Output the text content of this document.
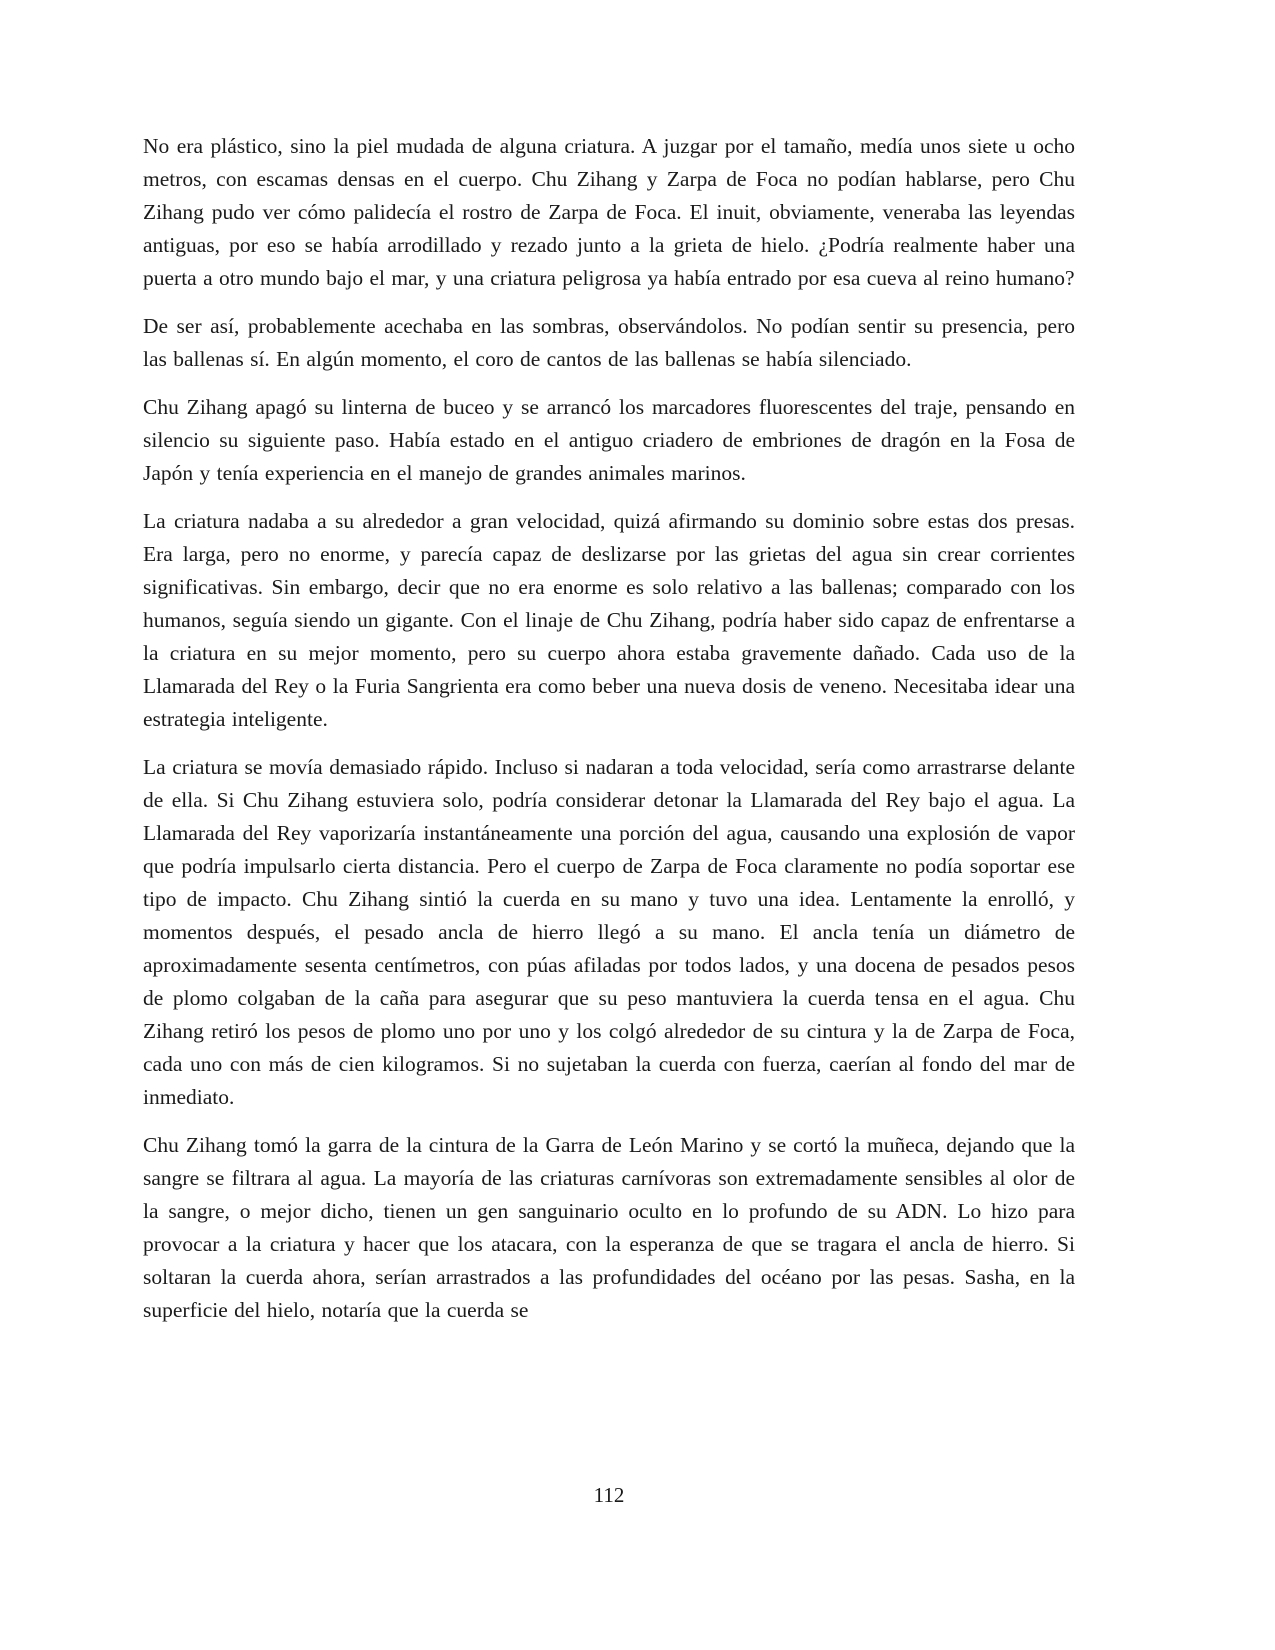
No era plástico, sino la piel mudada de alguna criatura. A juzgar por el tamaño, medía unos siete u ocho metros, con escamas densas en el cuerpo. Chu Zihang y Zarpa de Foca no podían hablarse, pero Chu Zihang pudo ver cómo palidecía el rostro de Zarpa de Foca. El inuit, obviamente, veneraba las leyendas antiguas, por eso se había arrodillado y rezado junto a la grieta de hielo. ¿Podría realmente haber una puerta a otro mundo bajo el mar, y una criatura peligrosa ya había entrado por esa cueva al reino humano?

De ser así, probablemente acechaba en las sombras, observándolos. No podían sentir su presencia, pero las ballenas sí. En algún momento, el coro de cantos de las ballenas se había silenciado.

Chu Zihang apagó su linterna de buceo y se arrancó los marcadores fluorescentes del traje, pensando en silencio su siguiente paso. Había estado en el antiguo criadero de embriones de dragón en la Fosa de Japón y tenía experiencia en el manejo de grandes animales marinos.

La criatura nadaba a su alrededor a gran velocidad, quizá afirmando su dominio sobre estas dos presas. Era larga, pero no enorme, y parecía capaz de deslizarse por las grietas del agua sin crear corrientes significativas. Sin embargo, decir que no era enorme es solo relativo a las ballenas; comparado con los humanos, seguía siendo un gigante. Con el linaje de Chu Zihang, podría haber sido capaz de enfrentarse a la criatura en su mejor momento, pero su cuerpo ahora estaba gravemente dañado. Cada uso de la Llamarada del Rey o la Furia Sangrienta era como beber una nueva dosis de veneno. Necesitaba idear una estrategia inteligente.

La criatura se movía demasiado rápido. Incluso si nadaran a toda velocidad, sería como arrastrarse delante de ella. Si Chu Zihang estuviera solo, podría considerar detonar la Llamarada del Rey bajo el agua. La Llamarada del Rey vaporizaría instantáneamente una porción del agua, causando una explosión de vapor que podría impulsarlo cierta distancia. Pero el cuerpo de Zarpa de Foca claramente no podía soportar ese tipo de impacto. Chu Zihang sintió la cuerda en su mano y tuvo una idea. Lentamente la enrolló, y momentos después, el pesado ancla de hierro llegó a su mano. El ancla tenía un diámetro de aproximadamente sesenta centímetros, con púas afiladas por todos lados, y una docena de pesados pesos de plomo colgaban de la caña para asegurar que su peso mantuviera la cuerda tensa en el agua. Chu Zihang retiró los pesos de plomo uno por uno y los colgó alrededor de su cintura y la de Zarpa de Foca, cada uno con más de cien kilogramos. Si no sujetaban la cuerda con fuerza, caerían al fondo del mar de inmediato.

Chu Zihang tomó la garra de la cintura de la Garra de León Marino y se cortó la muñeca, dejando que la sangre se filtrara al agua. La mayoría de las criaturas carnívoras son extremadamente sensibles al olor de la sangre, o mejor dicho, tienen un gen sanguinario oculto en lo profundo de su ADN. Lo hizo para provocar a la criatura y hacer que los atacara, con la esperanza de que se tragara el ancla de hierro. Si soltaran la cuerda ahora, serían arrastrados a las profundidades del océano por las pesas. Sasha, en la superficie del hielo, notaría que la cuerda se

112
